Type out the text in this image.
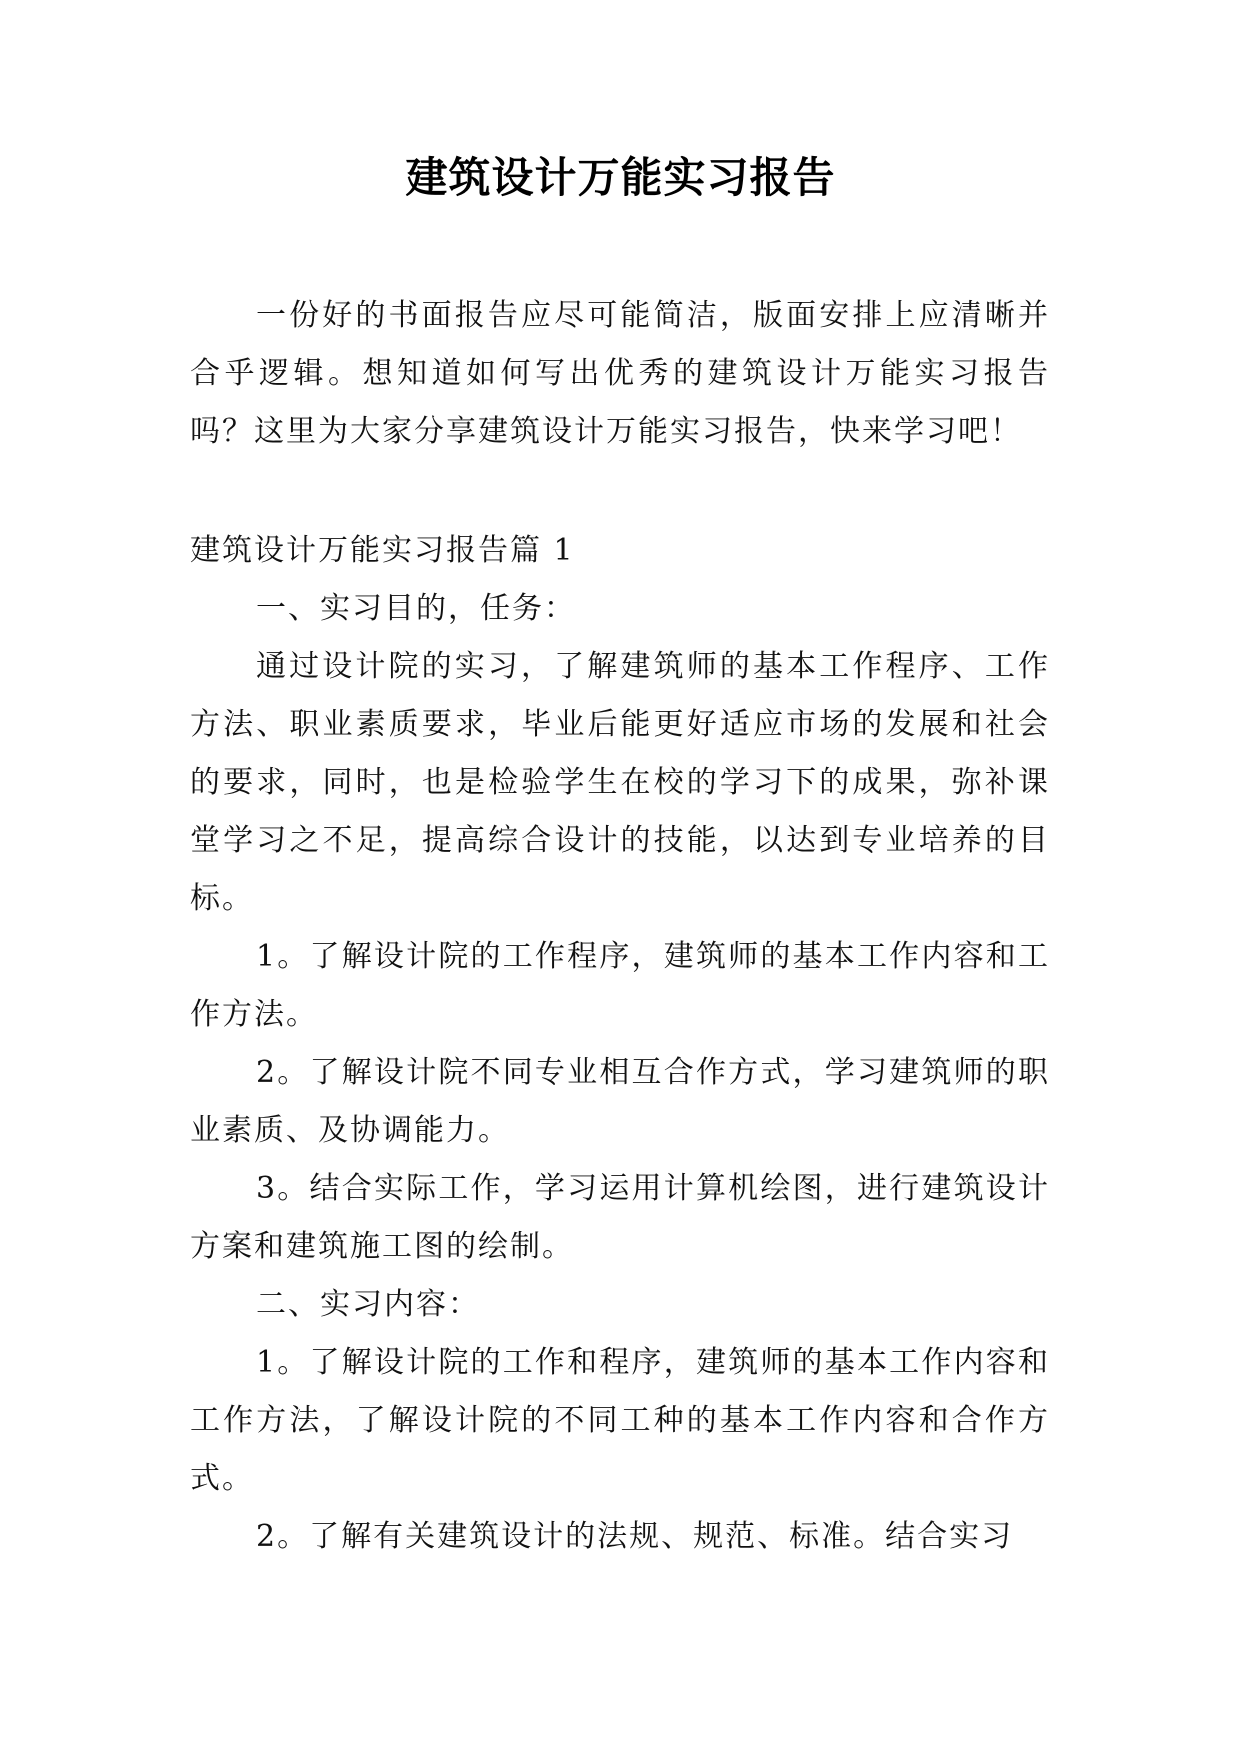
建筑设计万能实习报告

一份好的书面报告应尽可能简洁，版面安排上应清晰并合乎逻辑。想知道如何写出优秀的建筑设计万能实习报告吗？这里为大家分享建筑设计万能实习报告，快来学习吧！

建筑设计万能实习报告篇 1

一、实习目的，任务：

通过设计院的实习，了解建筑师的基本工作程序、工作方法、职业素质要求，毕业后能更好适应市场的发展和社会的要求，同时，也是检验学生在校的学习下的成果，弥补课堂学习之不足，提高综合设计的技能，以达到专业培养的目标。

1。了解设计院的工作程序，建筑师的基本工作内容和工作方法。

2。了解设计院不同专业相互合作方式，学习建筑师的职业素质、及协调能力。

3。结合实际工作，学习运用计算机绘图，进行建筑设计方案和建筑施工图的绘制。

二、实习内容：

1。了解设计院的工作和程序，建筑师的基本工作内容和工作方法，了解设计院的不同工种的基本工作内容和合作方式。

2。了解有关建筑设计的法规、规范、标准。结合实习
